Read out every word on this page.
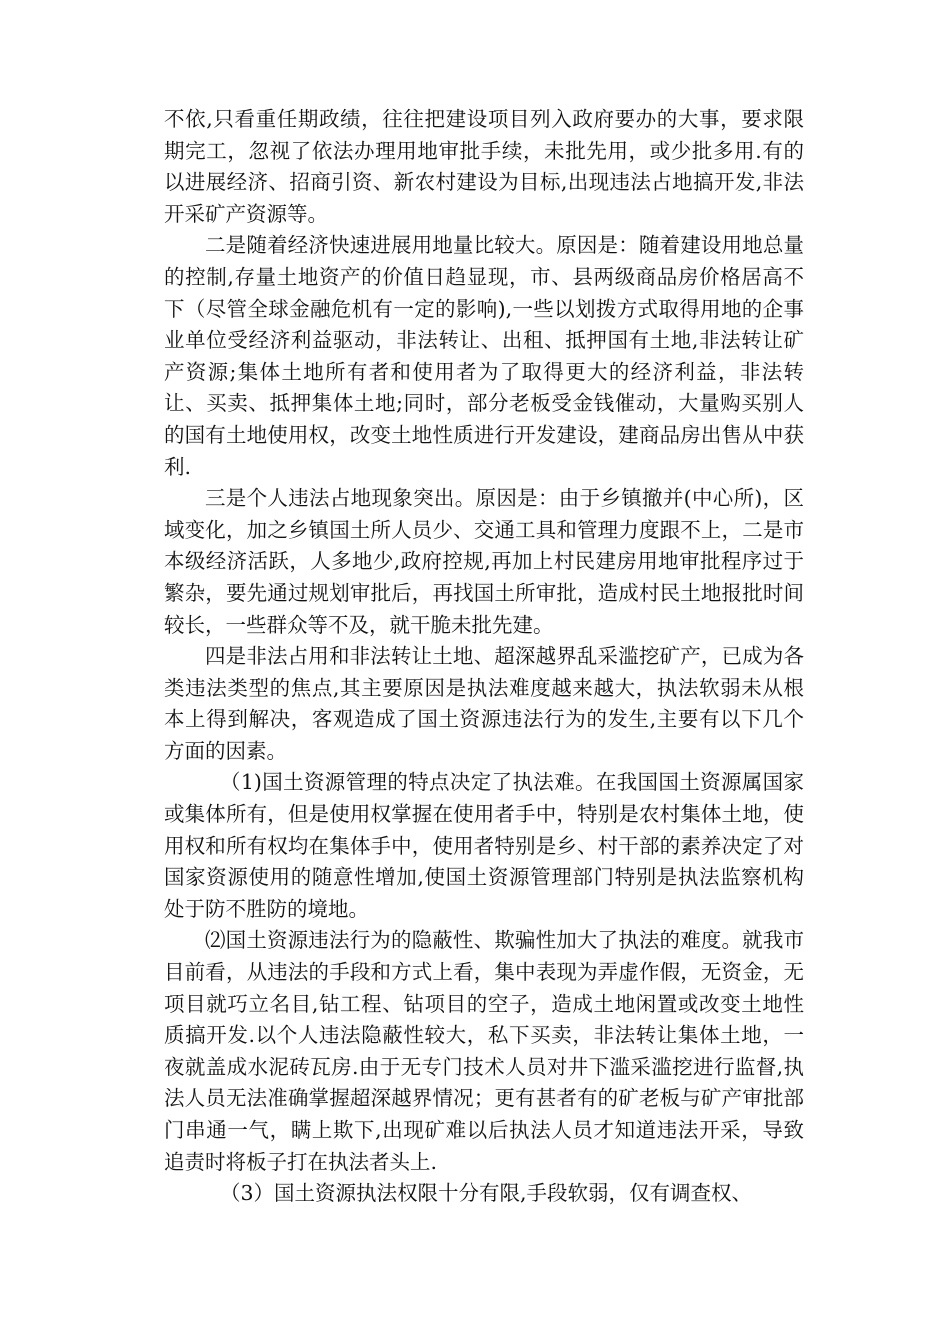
不依,只看重任期政绩，往往把建设项目列入政府要办的大事，要求限期完工，忽视了依法办理用地审批手续，未批先用，或少批多用.有的以进展经济、招商引资、新农村建设为目标,出现违法占地搞开发,非法开采矿产资源等。

二是随着经济快速进展用地量比较大。原因是：随着建设用地总量的控制,存量土地资产的价值日趋显现，市、县两级商品房价格居高不下（尽管全球金融危机有一定的影响),一些以划拨方式取得用地的企事业单位受经济利益驱动，非法转让、出租、抵押国有土地,非法转让矿产资源;集体土地所有者和使用者为了取得更大的经济利益，非法转让、买卖、抵押集体土地;同时，部分老板受金钱催动，大量购买别人的国有土地使用权，改变土地性质进行开发建设，建商品房出售从中获利.

三是个人违法占地现象突出。原因是：由于乡镇撤并(中心所)，区域变化，加之乡镇国土所人员少、交通工具和管理力度跟不上，二是市本级经济活跃，人多地少,政府控规,再加上村民建房用地审批程序过于繁杂，要先通过规划审批后，再找国土所审批，造成村民土地报批时间较长，一些群众等不及，就干脆未批先建。

四是非法占用和非法转让土地、超深越界乱采滥挖矿产，已成为各类违法类型的焦点,其主要原因是执法难度越来越大，执法软弱未从根本上得到解决，客观造成了国土资源违法行为的发生,主要有以下几个方面的因素。

（1)国土资源管理的特点决定了执法难。在我国国土资源属国家或集体所有，但是使用权掌握在使用者手中，特别是农村集体土地，使用权和所有权均在集体手中，使用者特别是乡、村干部的素养决定了对国家资源使用的随意性增加,使国土资源管理部门特别是执法监察机构处于防不胜防的境地。

⑵国土资源违法行为的隐蔽性、欺骗性加大了执法的难度。就我市目前看，从违法的手段和方式上看，集中表现为弄虚作假，无资金，无项目就巧立名目,钻工程、钻项目的空子，造成土地闲置或改变土地性质搞开发.以个人违法隐蔽性较大，私下买卖，非法转让集体土地，一夜就盖成水泥砖瓦房.由于无专门技术人员对井下滥采滥挖进行监督,执法人员无法准确掌握超深越界情况；更有甚者有的矿老板与矿产审批部门串通一气，瞒上欺下,出现矿难以后执法人员才知道违法开采，导致追责时将板子打在执法者头上.

（3）国土资源执法权限十分有限,手段软弱，仅有调查权、
